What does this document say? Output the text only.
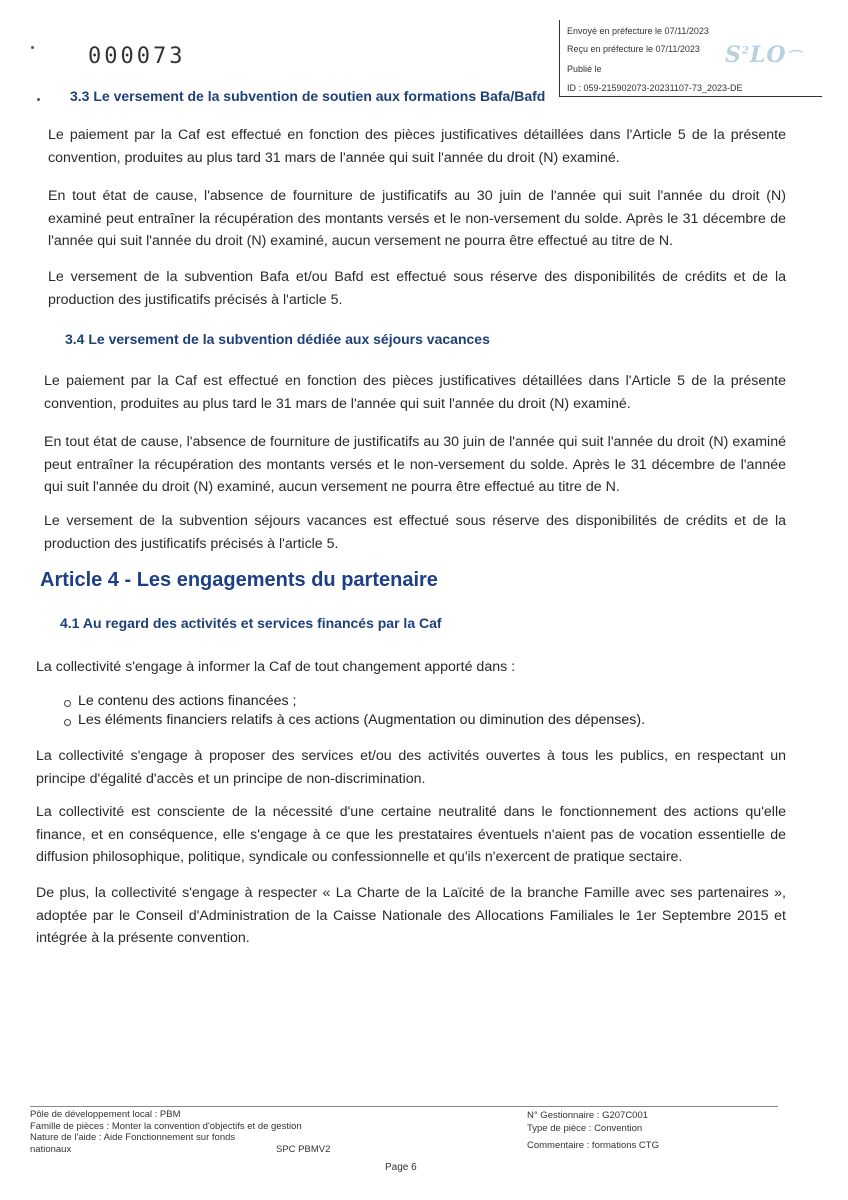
000073
Envoyé en préfecture le 07/11/2023
Reçu en préfecture le 07/11/2023
Publié le
ID : 059-215902073-20231107-73_2023-DE
$S^2LO⌒$
3.3 Le versement de la subvention de soutien aux formations Bafa/Bafd

Le paiement par la Caf est effectué en fonction des pièces justificatives détaillées dans l'Article 5 de la présente convention, produites au plus tard 31 mars de l'année qui suit l'année du droit (N) examiné.

En tout état de cause, l'absence de fourniture de justificatifs au 30 juin de l'année qui suit l'année du droit (N) examiné peut entraîner la récupération des montants versés et le non-versement du solde. Après le 31 décembre de l'année qui suit l'année du droit (N) examiné, aucun versement ne pourra être effectué au titre de N.

Le versement de la subvention Bafa et/ou Bafd est effectué sous réserve des disponibilités de crédits et de la production des justificatifs précisés à l'article 5.

3.4 Le versement de la subvention dédiée aux séjours vacances

Le paiement par la Caf est effectué en fonction des pièces justificatives détaillées dans l'Article 5 de la présente convention, produites au plus tard le 31 mars de l'année qui suit l'année du droit (N) examiné.

En tout état de cause, l'absence de fourniture de justificatifs au 30 juin de l'année qui suit l'année du droit (N) examiné peut entraîner la récupération des montants versés et le non-versement du solde. Après le 31 décembre de l'année qui suit l'année du droit (N) examiné, aucun versement ne pourra être effectué au titre de N.

Le versement de la subvention séjours vacances est effectué sous réserve des disponibilités de crédits et de la production des justificatifs précisés à l'article 5.

Article 4 - Les engagements du partenaire
4.1 Au regard des activités et services financés par la Caf

La collectivité s'engage à informer la Caf de tout changement apporté dans :

Le contenu des actions financées ;
Les éléments financiers relatifs à ces actions (Augmentation ou diminution des dépenses).

La collectivité s'engage à proposer des services et/ou des activités ouvertes à tous les publics, en respectant un principe d'égalité d'accès et un principe de non-discrimination.

La collectivité est consciente de la nécessité d'une certaine neutralité dans le fonctionnement des actions qu'elle finance, et en conséquence, elle s'engage à ce que les prestataires éventuels n'aient pas de vocation essentielle de diffusion philosophique, politique, syndicale ou confessionnelle et qu'ils n'exercent de pratique sectaire.

De plus, la collectivité s'engage à respecter « La Charte de la Laïcité de la branche Famille avec ses partenaires », adoptée par le Conseil d'Administration de la Caisse Nationale des Allocations Familiales le 1er Septembre 2015 et intégrée à la présente convention.

Pôle de développement local : PBM
Famille de pièces : Monter la convention d'objectifs et de gestion
Nature de l'aide : Aide Fonctionnement sur fonds
nationaux	SPC PBMV2
N° Gestionnaire : G207C001
Type de pièce : Convention
Commentaire : formations CTG
Page 6
